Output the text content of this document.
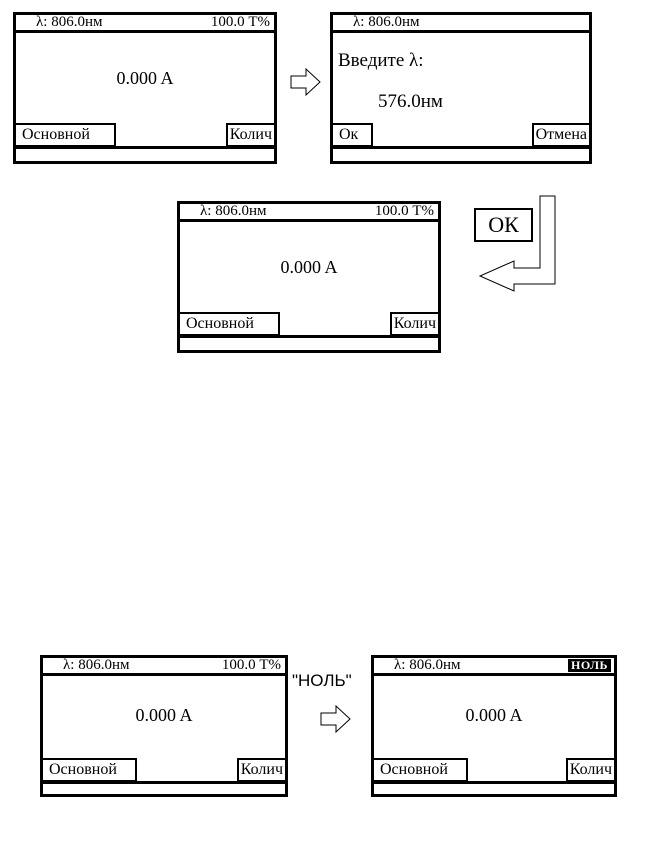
λ: 806.0нм	100.0 Т%
0.000 A
Основной	Колич
λ: 806.0нм
Введите λ:
576.0нм
Ок	Отмена
λ: 806.0нм	100.0 Т%
0.000 A
Основной	Колич
ОК
λ: 806.0нм	100.0 Т%
0.000 A
Основной	Колич
"НОЛЬ"
λ: 806.0нм	НОЛЬ
0.000 A
Основной	Колич
